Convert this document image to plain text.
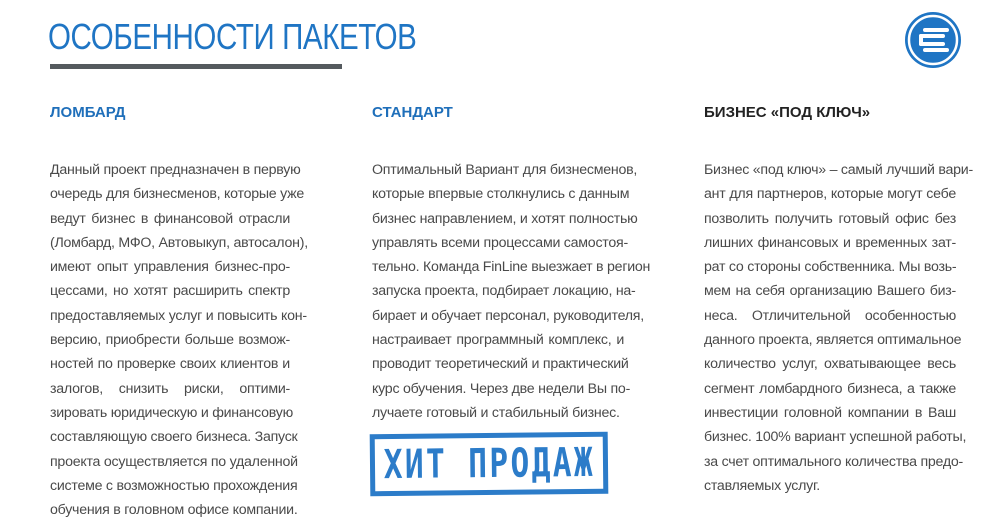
ОСОБЕННОСТИ ПАКЕТОВ
ЛОМБАРД
Данный проект предназначен в первую
очередь для бизнесменов, которые уже
ведут бизнес в финансовой отрасли
(Ломбард, МФО, Автовыкуп, автосалон),
имеют опыт управления бизнес-про-
цессами, но хотят расширить спектр
предоставляемых услуг и повысить кон-
версию, приобрести больше возмож-
ностей по проверке своих клиентов и
залогов, снизить риски, оптими-
зировать юридическую и финансовую
составляющую своего бизнеса. Запуск
проекта осуществляется по удаленной
системе с возможностью прохождения
обучения в головном офисе компании.
СТАНДАРТ
Оптимальный Вариант для бизнесменов,
которые впервые столкнулись с данным
бизнес направлением, и хотят полностью
управлять всеми процессами самостоя-
тельно. Команда FinLine выезжает в регион
запуска проекта, подбирает локацию, на-
бирает и обучает персонал, руководителя,
настраивает программный комплекс, и
проводит теоретический и практический
курс обучения. Через две недели Вы по-
лучаете готовый и стабильный бизнес.
ХИТ ПРОДАЖ
БИЗНЕС «ПОД КЛЮЧ»
Бизнес «под ключ» – самый лучший вари-
ант для партнеров, которые могут себе
позволить получить готовый офис без
лишних финансовых и временных зат-
рат со стороны собственника. Мы возь-
мем на себя организацию Вашего биз-
неса. Отличительной особенностью
данного проекта, является оптимальное
количество услуг, охватывающее весь
сегмент ломбардного бизнеса, а также
инвестиции головной компании в Ваш
бизнес. 100% вариант успешной работы,
за счет оптимального количества предо-
ставляемых услуг.
